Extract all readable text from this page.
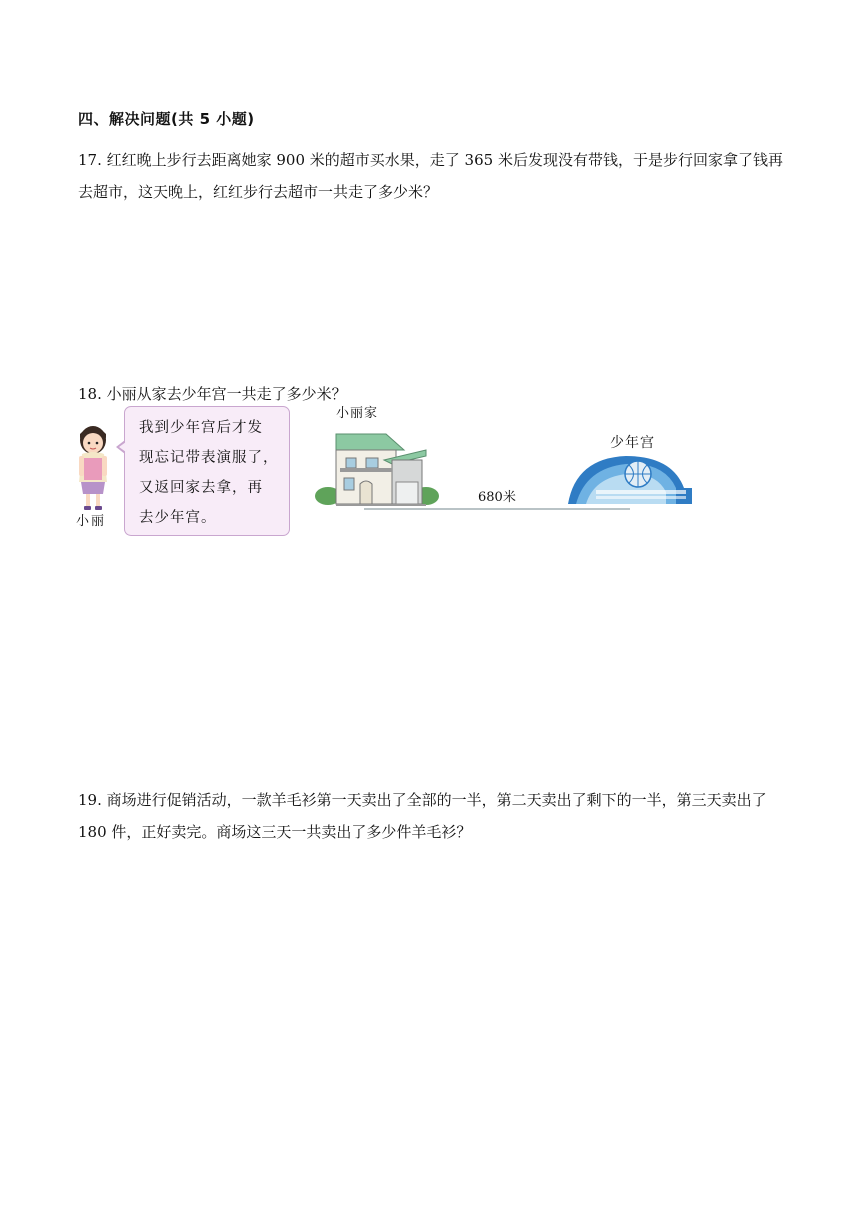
四、解决问题(共 5 小题)

17. 红红晚上步行去距离她家 900 米的超市买水果，走了 365 米后发现没有带钱，于是步行回家拿了钱再去超市，这天晚上，红红步行去超市一共走了多少米？

18. 小丽从家去少年宫一共走了多少米？

小丽
我到少年宫后才发
现忘记带表演服了，
又返回家去拿，再
去少年宫。
小丽家
680米
少年宫

19. 商场进行促销活动，一款羊毛衫第一天卖出了全部的一半，第二天卖出了剩下的一半，第三天卖出了 180 件，正好卖完。商场这三天一共卖出了多少件羊毛衫？
